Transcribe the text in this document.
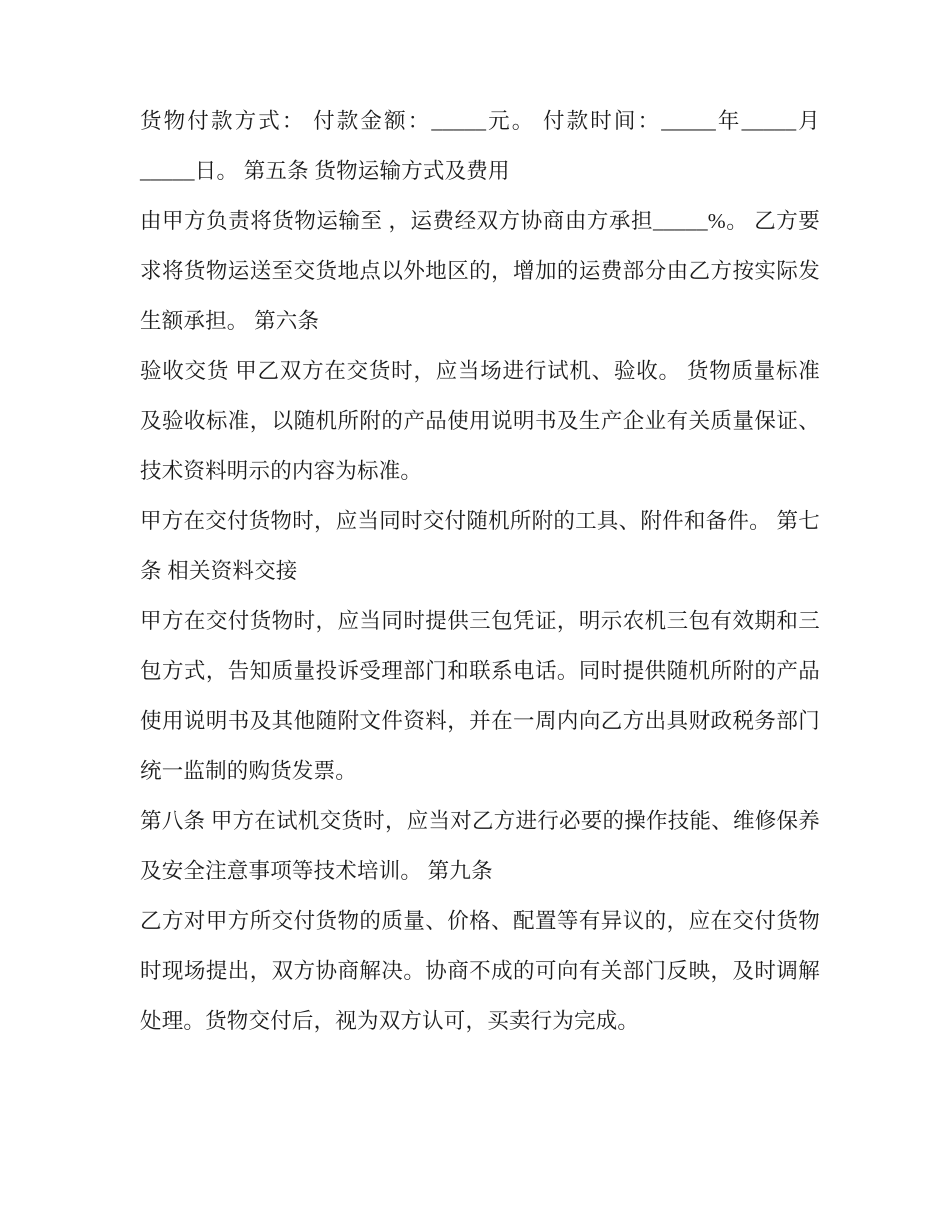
货物付款方式： 付款金额：_____元。 付款时间：_____年_____月_____日。 第五条 货物运输方式及费用

由甲方负责将货物运输至 ，运费经双方协商由方承担_____%。 乙方要求将货物运送至交货地点以外地区的，增加的运费部分由乙方按实际发生额承担。 第六条

验收交货 甲乙双方在交货时，应当场进行试机、验收。 货物质量标准及验收标准，以随机所附的产品使用说明书及生产企业有关质量保证、技术资料明示的内容为标准。

甲方在交付货物时，应当同时交付随机所附的工具、附件和备件。 第七条 相关资料交接

甲方在交付货物时，应当同时提供三包凭证，明示农机三包有效期和三包方式，告知质量投诉受理部门和联系电话。同时提供随机所附的产品使用说明书及其他随附文件资料，并在一周内向乙方出具财政税务部门统一监制的购货发票。

第八条 甲方在试机交货时，应当对乙方进行必要的操作技能、维修保养及安全注意事项等技术培训。 第九条

乙方对甲方所交付货物的质量、价格、配置等有异议的，应在交付货物时现场提出，双方协商解决。协商不成的可向有关部门反映，及时调解处理。货物交付后，视为双方认可，买卖行为完成。
